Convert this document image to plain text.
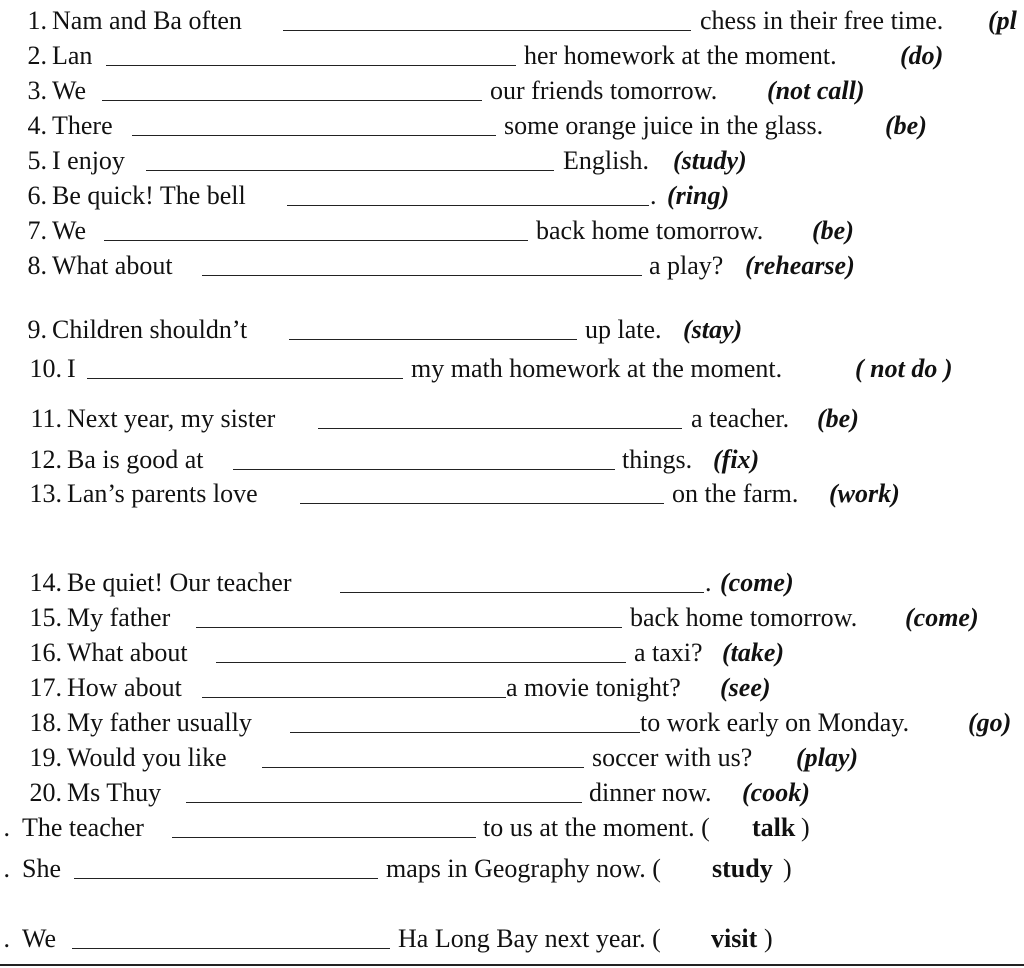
1. Nam and Ba often	chess in their free time. (pl
2. Lan	her homework at the moment. (do)
3. We	our friends tomorrow. (not call)
4. There	some orange juice in the glass. (be)
5. I enjoy	English. (study)
6. Be quick! The bell	. (ring)
7. We	back home tomorrow. (be)
8. What about	a play? (rehearse)
9. Children shouldn’t	up late. (stay)
10. I	my math homework at the moment.	( not do )
11. Next year, my sister	a teacher. (be)
12. Ba is good at	things. (fix)
13. Lan’s parents love	on the farm. (work)
14. Be quiet! Our teacher	. (come)
15. My father	back home tomorrow. (come)
16. What about	a taxi? (take)
17. How about	a movie tonight? (see)
18. My father usually	to work early on Monday. (go)
19. Would you like	soccer with us? (play)
20. Ms Thuy	dinner now. (cook)
. The teacher	to us at the moment. ( talk )
. She	maps in Geography now. ( study )
. We	Ha Long Bay next year. ( visit )
